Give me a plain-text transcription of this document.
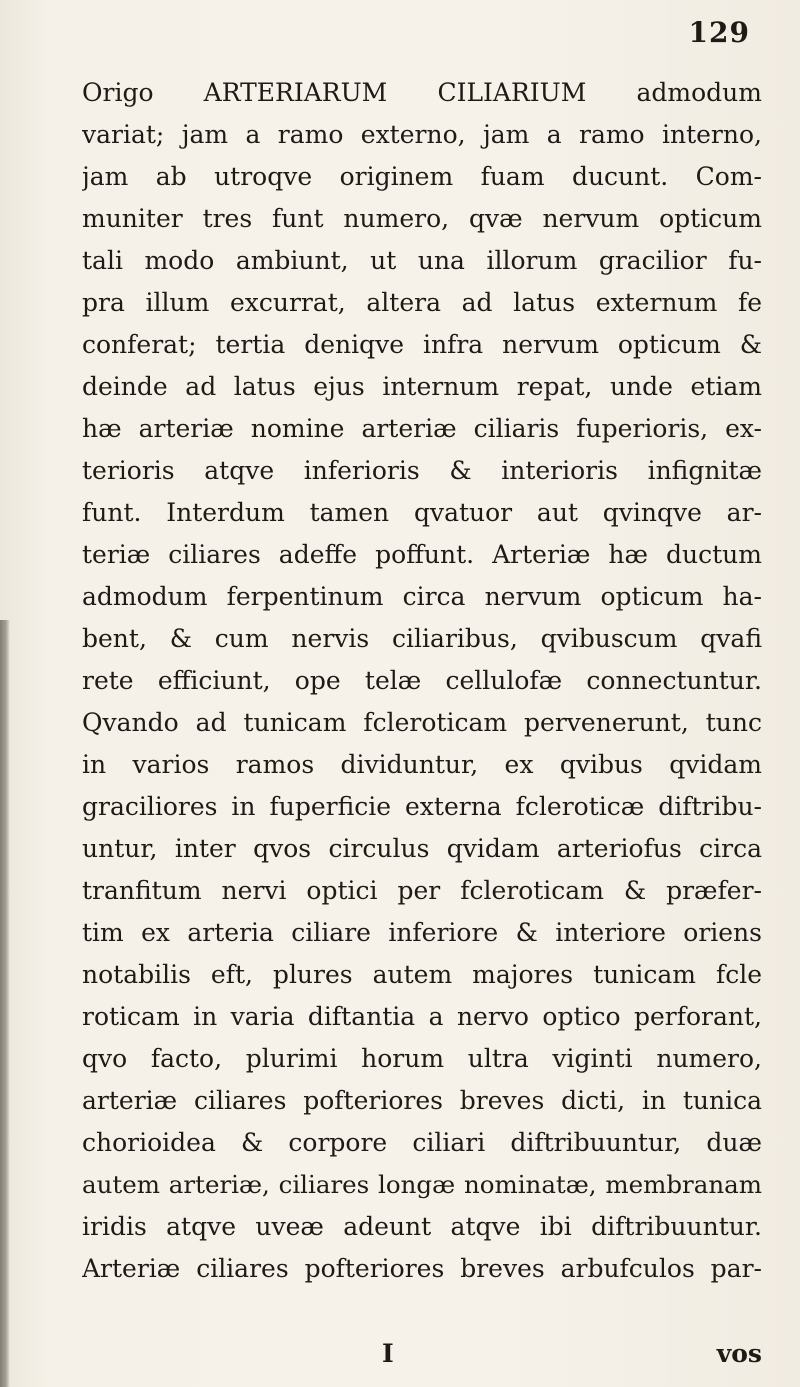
129
Origo ARTERIARUM CILIARIUM admodum
variat; jam a ramo externo, jam a ramo interno,
jam ab utroqve originem fuam ducunt. Com-
muniter tres funt numero, qvæ nervum opticum
tali modo ambiunt, ut una illorum gracilior fu-
pra illum excurrat, altera ad latus externum fe
conferat; tertia deniqve infra nervum opticum &
deinde ad latus ejus internum repat, unde etiam
hæ arteriæ nomine arteriæ ciliaris fuperioris, ex-
terioris atqve inferioris & interioris infignitæ
funt. Interdum tamen qvatuor aut qvinqve ar-
teriæ ciliares adeffe poffunt. Arteriæ hæ ductum
admodum ferpentinum circa nervum opticum ha-
bent, & cum nervis ciliaribus, qvibuscum qvafi
rete efficiunt, ope telæ cellulofæ connectuntur.
Qvando ad tunicam fcleroticam pervenerunt, tunc
in varios ramos dividuntur, ex qvibus qvidam
graciliores in fuperficie externa fcleroticæ diftribu-
untur, inter qvos circulus qvidam arteriofus circa
tranfitum nervi optici per fcleroticam & præfer-
tim ex arteria ciliare inferiore & interiore oriens
notabilis eft, plures autem majores tunicam fcle
roticam in varia diftantia a nervo optico perforant,
qvo facto, plurimi horum ultra viginti numero,
arteriæ ciliares pofteriores breves dicti, in tunica
chorioidea & corpore ciliari diftribuuntur, duæ
autem arteriæ, ciliares longæ nominatæ, membranam
iridis atqve uveæ adeunt atqve ibi diftribuuntur.
Arteriæ ciliares pofteriores breves arbufculos par-
I	vos
